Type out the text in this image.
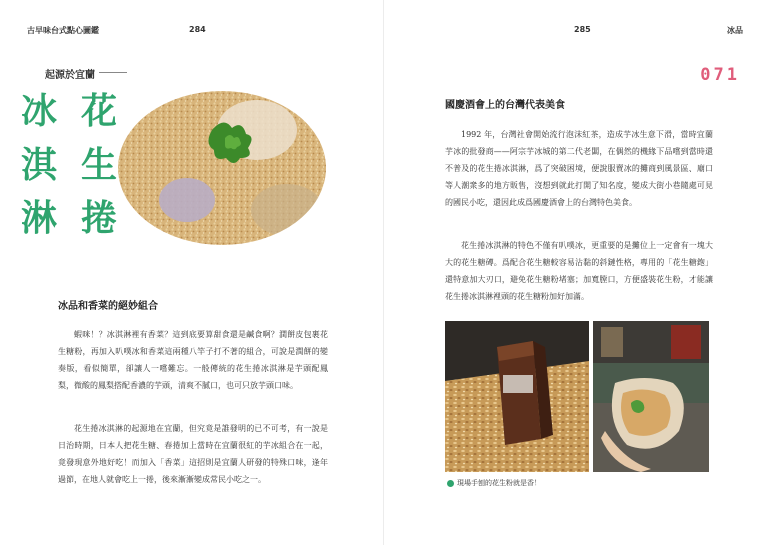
古早味台式點心圖鑑	284
起源於宜蘭
冰
淇
淋
花
生
捲
冰品和香菜的絕妙組合

蝦咪！？冰淇淋裡有香菜？這到底要算甜食還是鹹食啊？潤餅皮包裹花生糖粉，再加入叭噗冰和香菜這兩種八竿子打不著的組合，可說是潤餅的變奏版，看似簡單，卻讓人一嚐難忘。一般傳統的花生捲冰淇淋是芋頭配鳳梨，微酸的鳳梨搭配香濃的芋頭，清爽不膩口，也可只放芋頭口味。

花生捲冰淇淋的起源地在宜蘭，但究竟是誰發明的已不可考，有一說是日治時期，日本人把花生糖、春捲加上當時在宜蘭很紅的芋冰組合在一起，竟發現意外地好吃！而加入「香菜」這招則是宜蘭人研發的特殊口味，逢年過節，在地人就會吃上一捲，後來漸漸變成常民小吃之一。

285	冰品
071
國慶酒會上的台灣代表美食

1992 年，台灣社會開始流行泡沫紅茶，造成芋冰生意下滑，當時宜蘭芋冰的批發商——阿宗芋冰城的第二代老闆，在偶然的機緣下品嚐到當時還不普及的花生捲冰淇淋，爲了突破困境，便說服賣冰的攤商到風景區、廟口等人潮衆多的地方販售，沒想到就此打開了知名度，變成大街小巷隨處可見的國民小吃，還因此成爲國慶酒會上的台灣特色美食。

花生捲冰淇淋的特色不僅有叭噗冰，更重要的是攤位上一定會有一塊大大的花生糖磚。爲配合花生糖較容易沾黏的斜鏈性格，專用的「花生糖鉋」還特意加大刃口，避免花生糖粉堵塞；加寬膛口，方便盛裝花生粉，才能讓花生捲冰淇淋裡頭的花生糖粉加好加滿。

現場手刨的花生粉就是香！
